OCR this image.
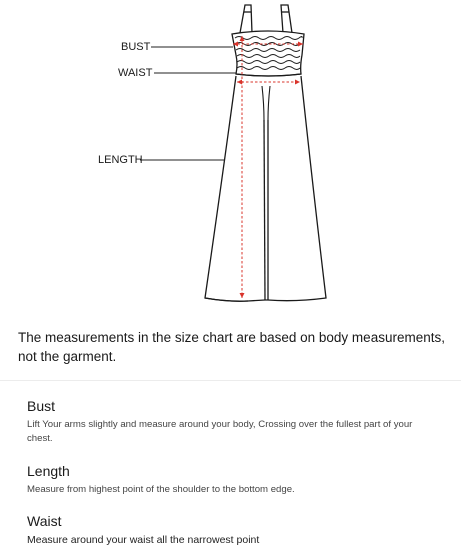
BUST
WAIST
LENGTH

The measurements in the size chart are based on body measurements, not the garment.

Bust

Lift Your arms slightly and measure around your body, Crossing over the fullest part of your chest.

Length

Measure from highest point of the shoulder to the bottom edge.

Waist

Measure around your waist all the narrowest point
